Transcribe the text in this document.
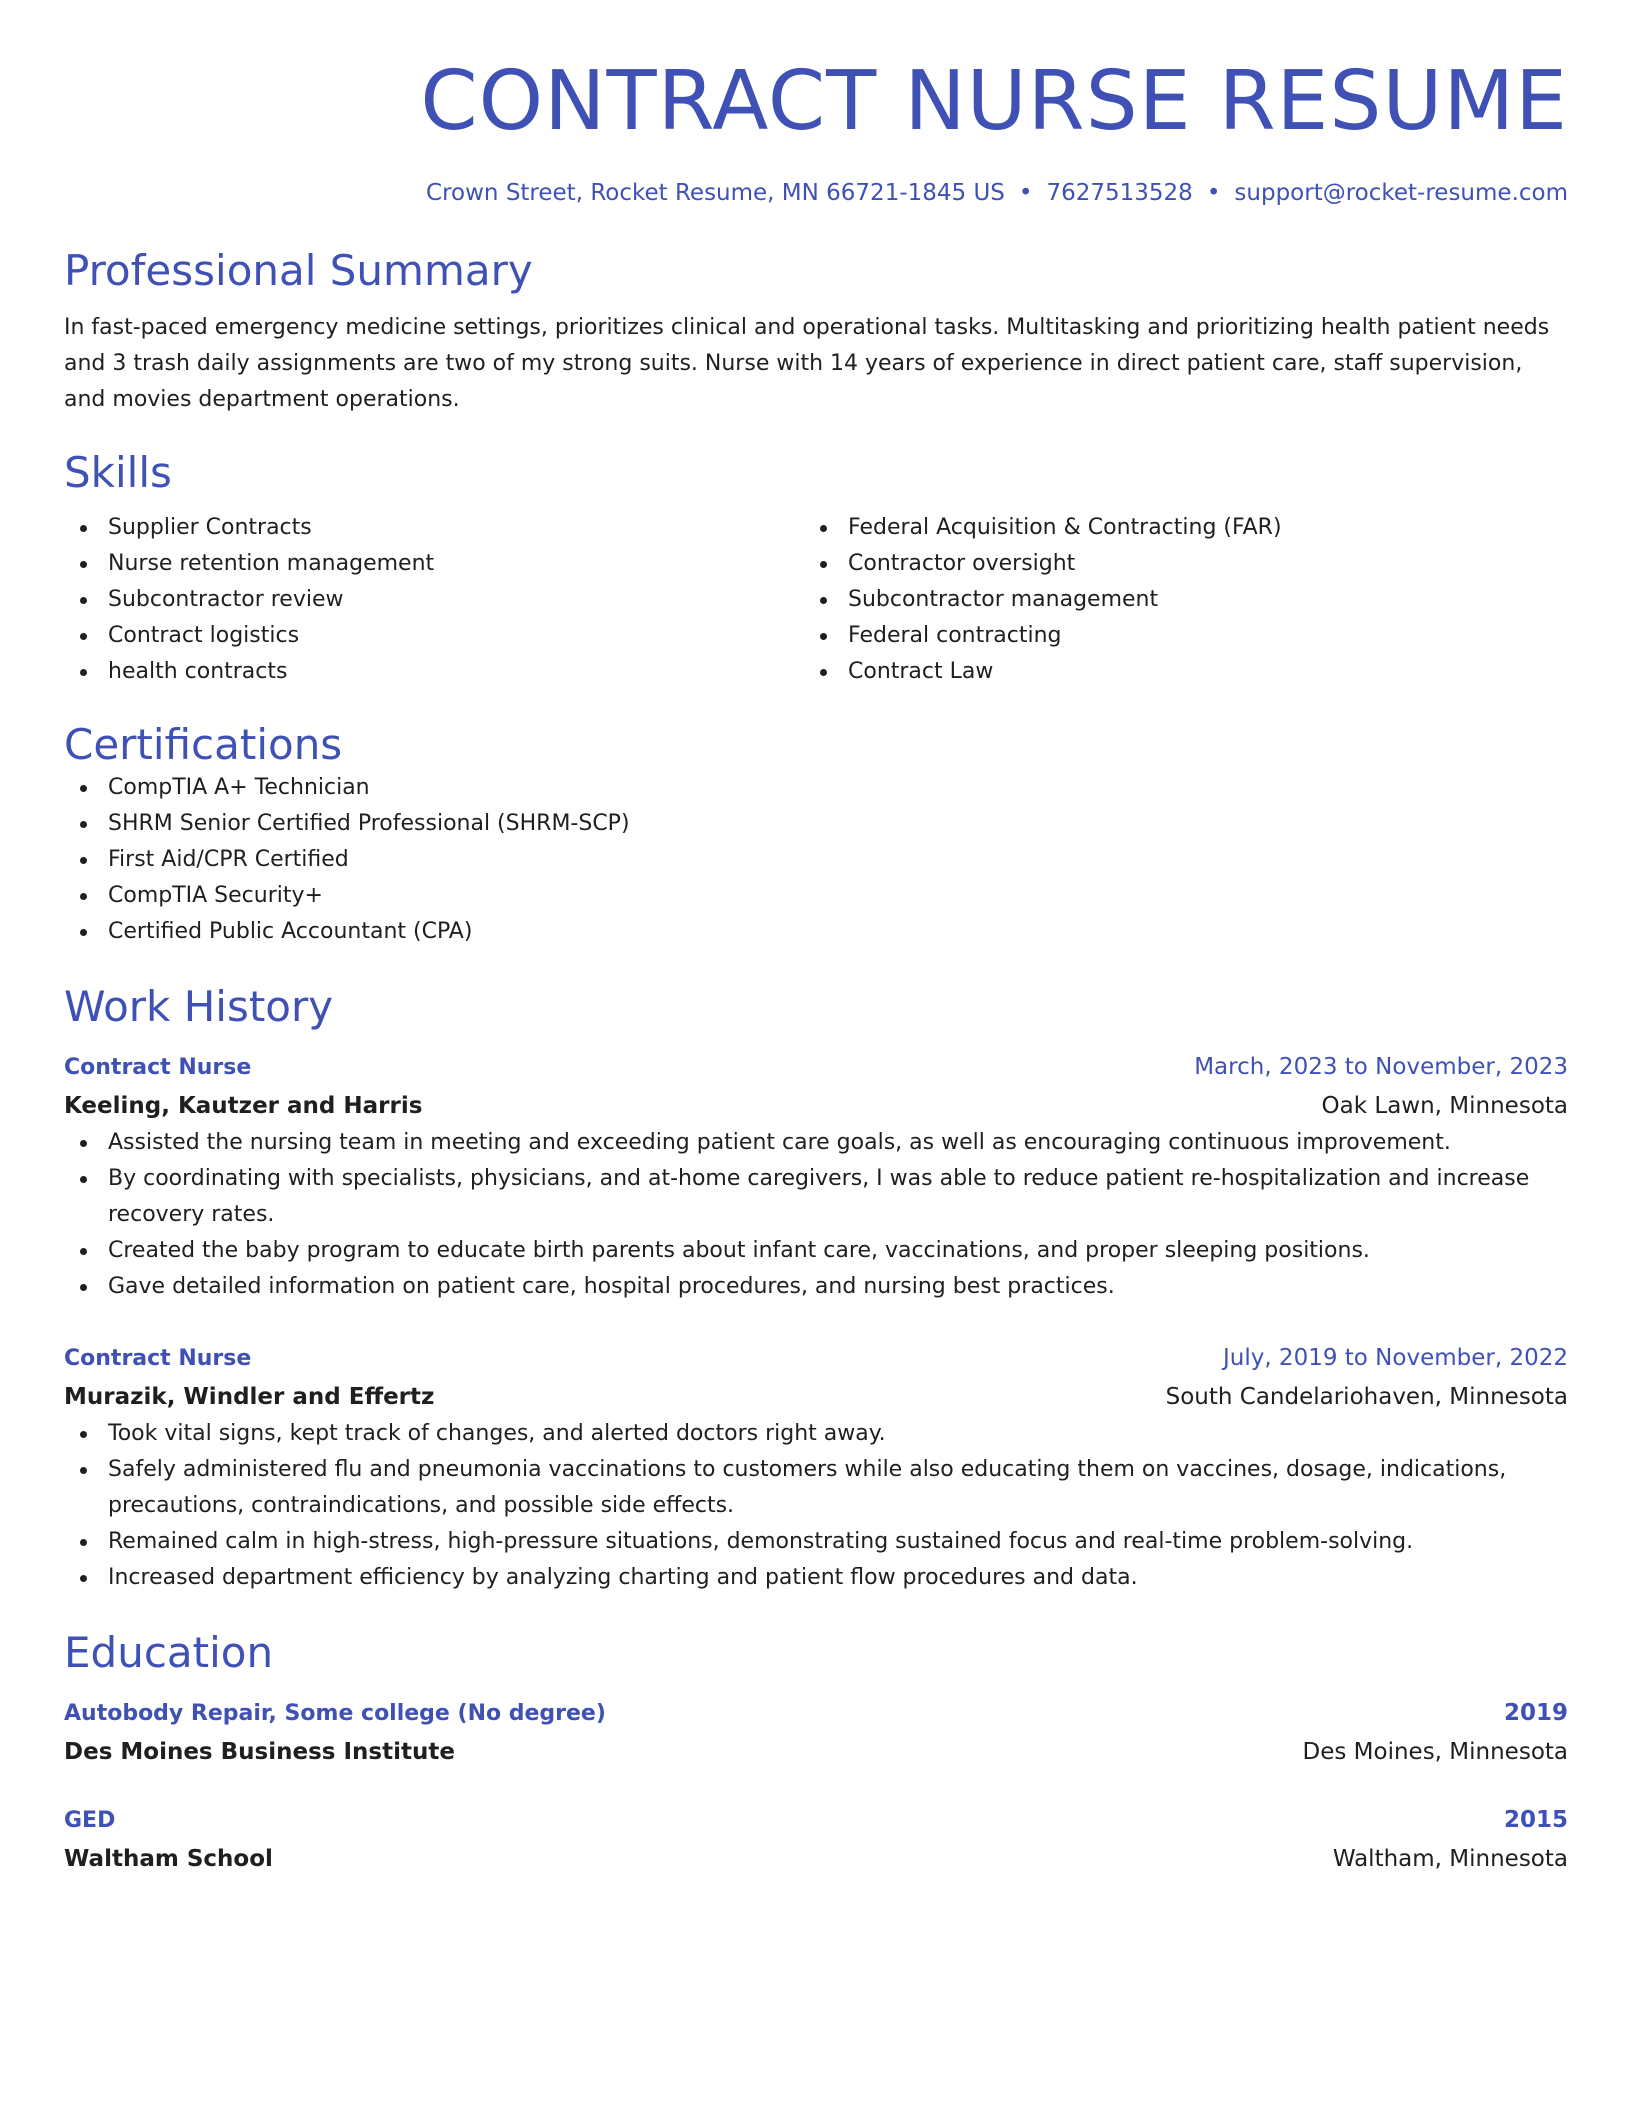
CONTRACT NURSE RESUME
Crown Street, Rocket Resume, MN 66721-1845 US • 7627513528 • support@rocket-resume.com
Professional Summary

In fast-paced emergency medicine settings, prioritizes clinical and operational tasks. Multitasking and prioritizing health patient needs and 3 trash daily assignments are two of my strong suits. Nurse with 14 years of experience in direct patient care, staff supervision, and movies department operations.

Skills
Supplier Contracts
Nurse retention management
Subcontractor review
Contract logistics
health contracts
Federal Acquisition & Contracting (FAR)
Contractor oversight
Subcontractor management
Federal contracting
Contract Law
Certifications
CompTIA A+ Technician
SHRM Senior Certified Professional (SHRM-SCP)
First Aid/CPR Certified
CompTIA Security+
Certified Public Accountant (CPA)
Work History
Contract Nurse	March, 2023 to November, 2023
Keeling, Kautzer and Harris	Oak Lawn, Minnesota
Assisted the nursing team in meeting and exceeding patient care goals, as well as encouraging continuous improvement.
By coordinating with specialists, physicians, and at-home caregivers, I was able to reduce patient re-hospitalization and increase recovery rates.
Created the baby program to educate birth parents about infant care, vaccinations, and proper sleeping positions.
Gave detailed information on patient care, hospital procedures, and nursing best practices.
Contract Nurse	July, 2019 to November, 2022
Murazik, Windler and Effertz	South Candelariohaven, Minnesota
Took vital signs, kept track of changes, and alerted doctors right away.
Safely administered flu and pneumonia vaccinations to customers while also educating them on vaccines, dosage, indications, precautions, contraindications, and possible side effects.
Remained calm in high-stress, high-pressure situations, demonstrating sustained focus and real-time problem-solving.
Increased department efficiency by analyzing charting and patient flow procedures and data.
Education
Autobody Repair, Some college (No degree)	2019
Des Moines Business Institute	Des Moines, Minnesota
GED	2015
Waltham School	Waltham, Minnesota
